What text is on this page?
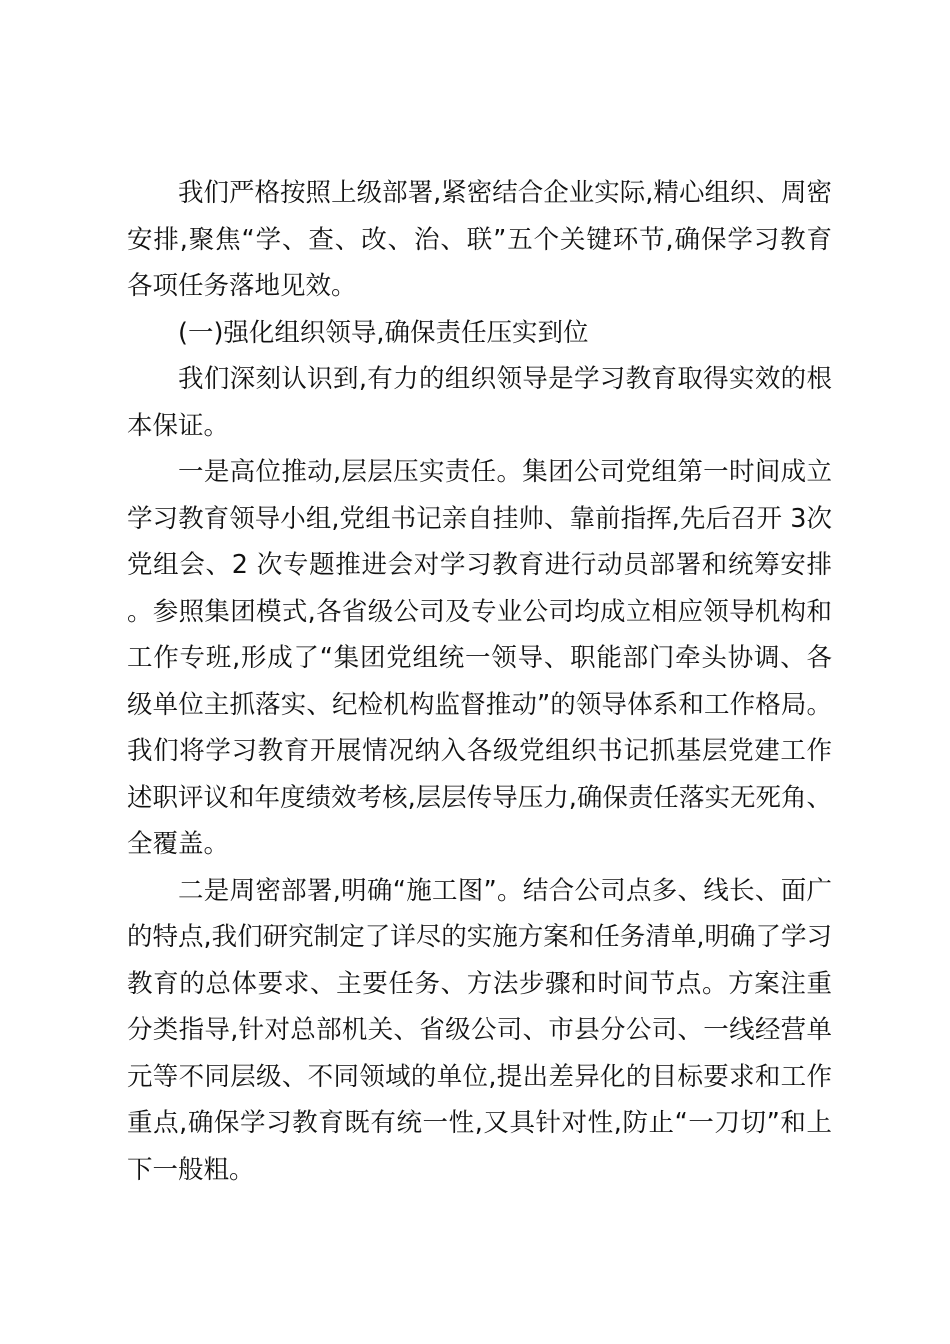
我们严格按照上级部署,紧密结合企业实际,精心组织、周密安排,聚焦“学、查、改、治、联”五个关键环节,确保学习教育各项任务落地见效。

(一)强化组织领导,确保责任压实到位

我们深刻认识到,有力的组织领导是学习教育取得实效的根本保证。

一是高位推动,层层压实责任。集团公司党组第一时间成立学习教育领导小组,党组书记亲自挂帅、靠前指挥,先后召开 3次党组会、2 次专题推进会对学习教育进行动员部署和统筹安排。参照集团模式,各省级公司及专业公司均成立相应领导机构和工作专班,形成了“集团党组统一领导、职能部门牵头协调、各级单位主抓落实、纪检机构监督推动”的领导体系和工作格局。我们将学习教育开展情况纳入各级党组织书记抓基层党建工作述职评议和年度绩效考核,层层传导压力,确保责任落实无死角、全覆盖。

二是周密部署,明确“施工图”。结合公司点多、线长、面广的特点,我们研究制定了详尽的实施方案和任务清单,明确了学习教育的总体要求、主要任务、方法步骤和时间节点。方案注重分类指导,针对总部机关、省级公司、市县分公司、一线经营单元等不同层级、不同领域的单位,提出差异化的目标要求和工作重点,确保学习教育既有统一性,又具针对性,防止“一刀切”和上下一般粗。
